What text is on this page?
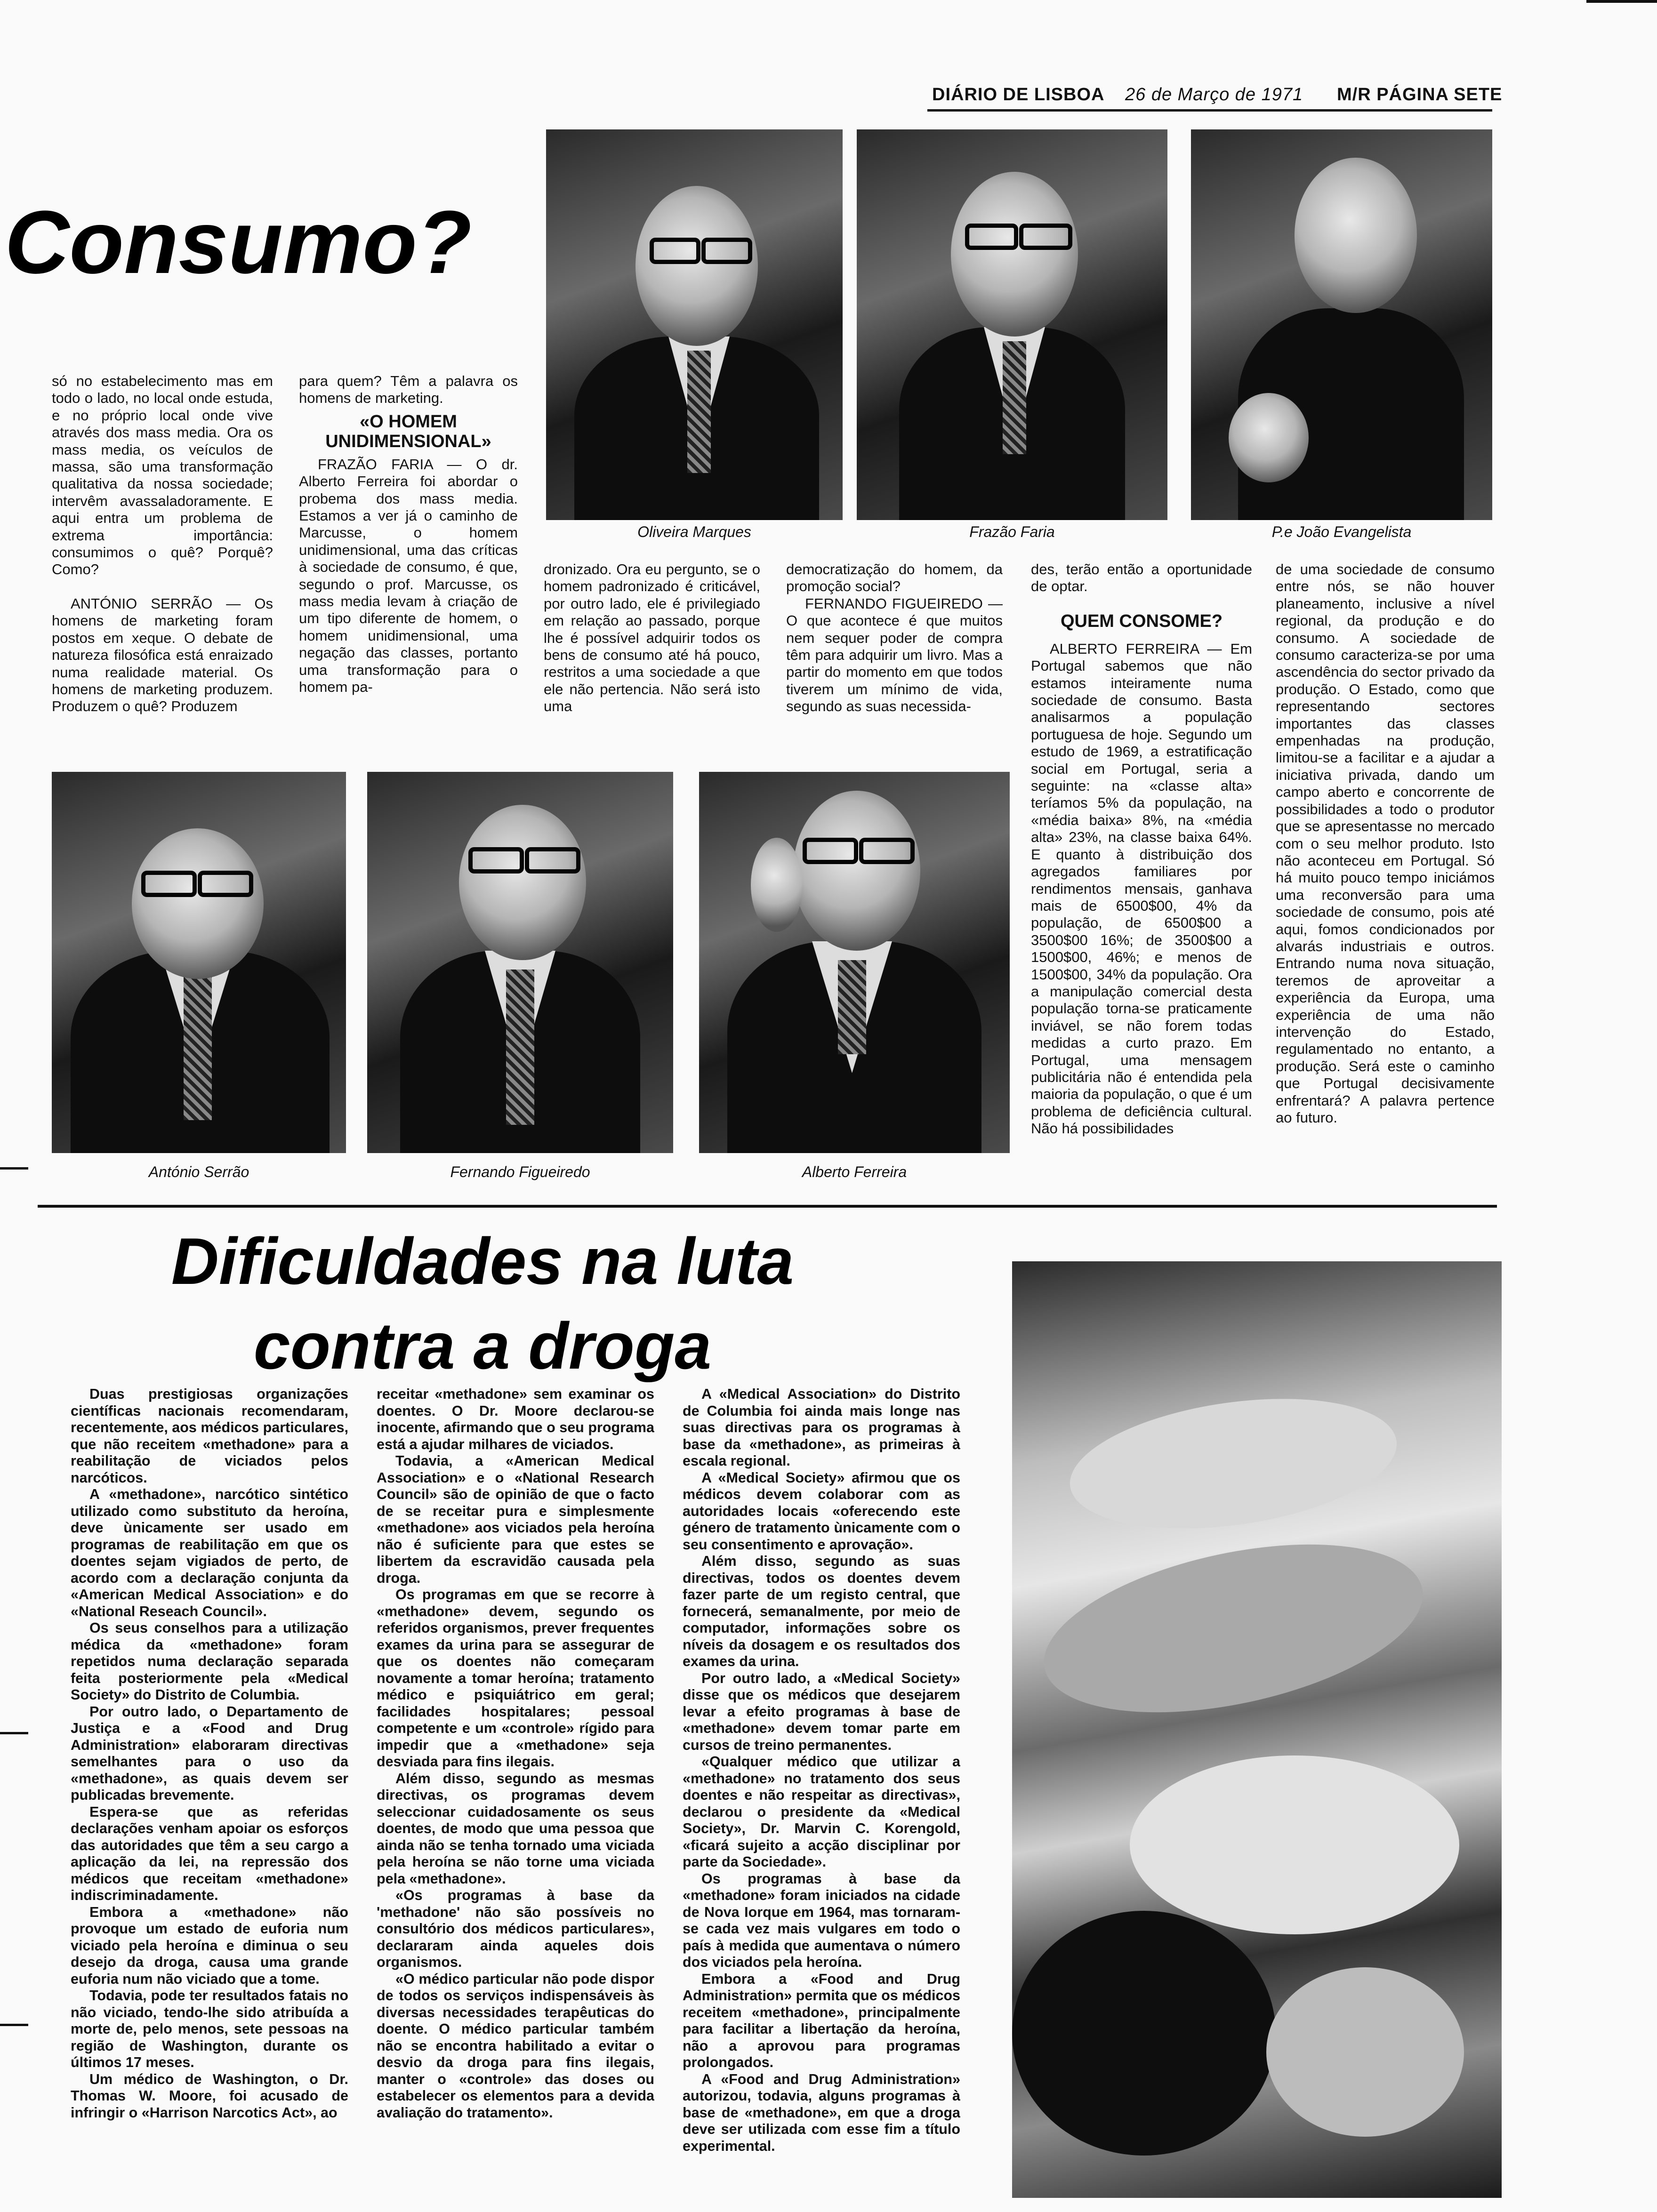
DIÁRIO DE LISBOA 26 de Março de 1971 M/R PÁGINA SETE
Consumo?
Oliveira Marques	Frazão Faria	P.e João Evangelista

só no estabelecimento mas em todo o lado, no local onde estuda, e no próprio local onde vive através dos mass media. Ora os mass media, os veículos de massa, são uma transformação qualitativa da nossa sociedade; intervêm avassaladoramente. E aqui entra um problema de extrema importância: consumimos o quê? Porquê? Como?

ANTÓNIO SERRÃO — Os homens de marketing foram postos em xeque. O debate de natureza filosófica está enraizado numa realidade material. Os homens de marketing produzem. Produzem o quê? Produzem

para quem? Têm a palavra os homens de marketing.

«O HOMEM UNIDIMENSIONAL»

FRAZÃO FARIA — O dr. Alberto Ferreira foi abordar o probema dos mass media. Estamos a ver já o caminho de Marcusse, o homem unidimensional, uma das críticas à sociedade de consumo, é que, segundo o prof. Marcusse, os mass media levam à criação de um tipo diferente de homem, o homem unidimensional, uma negação das classes, portanto uma transformação para o homem pa-

dronizado. Ora eu pergunto, se o homem padronizado é criticável, por outro lado, ele é privilegiado em relação ao passado, porque lhe é possível adquirir todos os bens de consumo até há pouco, restritos a uma sociedade a que ele não pertencia. Não será isto uma

democratização do homem, da promoção social?

FERNANDO FIGUEIREDO — O que acontece é que muitos nem sequer poder de compra têm para adquirir um livro. Mas a partir do momento em que todos tiverem um mínimo de vida, segundo as suas necessida-

des, terão então a oportunidade de optar.

QUEM CONSOME?

ALBERTO FERREIRA — Em Portugal sabemos que não estamos inteiramente numa sociedade de consumo. Basta analisarmos a população portuguesa de hoje. Segundo um estudo de 1969, a estratificação social em Portugal, seria a seguinte: na «classe alta» teríamos 5% da população, na «média baixa» 8%, na «média alta» 23%, na classe baixa 64%. E quanto à distribuição dos agregados familiares por rendimentos mensais, ganhava mais de 6500$00, 4% da população, de 6500$00 a 3500$00 16%; de 3500$00 a 1500$00, 46%; e menos de 1500$00, 34% da população. Ora a manipulação comercial desta população torna-se praticamente inviável, se não forem todas medidas a curto prazo. Em Portugal, uma mensagem publicitária não é entendida pela maioria da população, o que é um problema de deficiência cultural. Não há possibilidades

de uma sociedade de consumo entre nós, se não houver planeamento, inclusive a nível regional, da produção e do consumo. A sociedade de consumo caracteriza-se por uma ascendência do sector privado da produção. O Estado, como que representando sectores importantes das classes empenhadas na produção, limitou-se a facilitar e a ajudar a iniciativa privada, dando um campo aberto e concorrente de possibilidades a todo o produtor que se apresentasse no mercado com o seu melhor produto. Isto não aconteceu em Portugal. Só há muito pouco tempo iniciámos uma reconversão para uma sociedade de consumo, pois até aqui, fomos condicionados por alvarás industriais e outros. Entrando numa nova situação, teremos de aproveitar a experiência da Europa, uma experiência de uma não intervenção do Estado, regulamentado no entanto, a produção. Será este o caminho que Portugal decisivamente enfrentará? A palavra pertence ao futuro.

António Serrão	Fernando Figueiredo	Alberto Ferreira
Dificuldades na luta
contra a droga

Duas prestigiosas organizações científicas nacionais recomendaram, recentemente, aos médicos particulares, que não receitem «methadone» para a reabilitação de viciados pelos narcóticos.

A «methadone», narcótico sintético utilizado como substituto da heroína, deve ùnicamente ser usado em programas de reabilitação em que os doentes sejam vigiados de perto, de acordo com a declaração conjunta da «American Medical Association» e do «National Reseach Council».

Os seus conselhos para a utilização médica da «methadone» foram repetidos numa declaração separada feita posteriormente pela «Medical Society» do Distrito de Columbia.

Por outro lado, o Departamento de Justiça e a «Food and Drug Administration» elaboraram directivas semelhantes para o uso da «methadone», as quais devem ser publicadas brevemente.

Espera-se que as referidas declarações venham apoiar os esforços das autoridades que têm a seu cargo a aplicação da lei, na repressão dos médicos que receitam «methadone» indiscriminadamente.

Embora a «methadone» não provoque um estado de euforia num viciado pela heroína e diminua o seu desejo da droga, causa uma grande euforia num não viciado que a tome.

Todavia, pode ter resultados fatais no não viciado, tendo-lhe sido atribuída a morte de, pelo menos, sete pessoas na região de Washington, durante os últimos 17 meses.

Um médico de Washington, o Dr. Thomas W. Moore, foi acusado de infringir o «Harrison Narcotics Act», ao

receitar «methadone» sem examinar os doentes. O Dr. Moore declarou-se inocente, afirmando que o seu programa está a ajudar milhares de viciados.

Todavia, a «American Medical Association» e o «National Research Council» são de opinião de que o facto de se receitar pura e simplesmente «methadone» aos viciados pela heroína não é suficiente para que estes se libertem da escravidão causada pela droga.

Os programas em que se recorre à «methadone» devem, segundo os referidos organismos, prever frequentes exames da urina para se assegurar de que os doentes não começaram novamente a tomar heroína; tratamento médico e psiquiátrico em geral; facilidades hospitalares; pessoal competente e um «controle» rígido para impedir que a «methadone» seja desviada para fins ilegais.

Além disso, segundo as mesmas directivas, os programas devem seleccionar cuidadosamente os seus doentes, de modo que uma pessoa que ainda não se tenha tornado uma viciada pela heroína se não torne uma viciada pela «methadone».

«Os programas à base da 'methadone' não são possíveis no consultório dos médicos particulares», declararam ainda aqueles dois organismos.

«O médico particular não pode dispor de todos os serviços indispensáveis às diversas necessidades terapêuticas do doente. O médico particular também não se encontra habilitado a evitar o desvio da droga para fins ilegais, manter o «controle» das doses ou estabelecer os elementos para a devida avaliação do tratamento».

A «Medical Association» do Distrito de Columbia foi ainda mais longe nas suas directivas para os programas à base da «methadone», as primeiras à escala regional.

A «Medical Society» afirmou que os médicos devem colaborar com as autoridades locais «oferecendo este género de tratamento ùnicamente com o seu consentimento e aprovação».

Além disso, segundo as suas directivas, todos os doentes devem fazer parte de um registo central, que fornecerá, semanalmente, por meio de computador, informações sobre os níveis da dosagem e os resultados dos exames da urina.

Por outro lado, a «Medical Society» disse que os médicos que desejarem levar a efeito programas à base de «methadone» devem tomar parte em cursos de treino permanentes.

«Qualquer médico que utilizar a «methadone» no tratamento dos seus doentes e não respeitar as directivas», declarou o presidente da «Medical Society», Dr. Marvin C. Korengold, «ficará sujeito a acção disciplinar por parte da Sociedade».

Os programas à base da «methadone» foram iniciados na cidade de Nova Iorque em 1964, mas tornaram-se cada vez mais vulgares em todo o país à medida que aumentava o número dos viciados pela heroína.

Embora a «Food and Drug Administration» permita que os médicos receitem «methadone», principalmente para facilitar a libertação da heroína, não a aprovou para programas prolongados.

A «Food and Drug Administration» autorizou, todavia, alguns programas à base de «methadone», em que a droga deve ser utilizada com esse fim a título experimental.
